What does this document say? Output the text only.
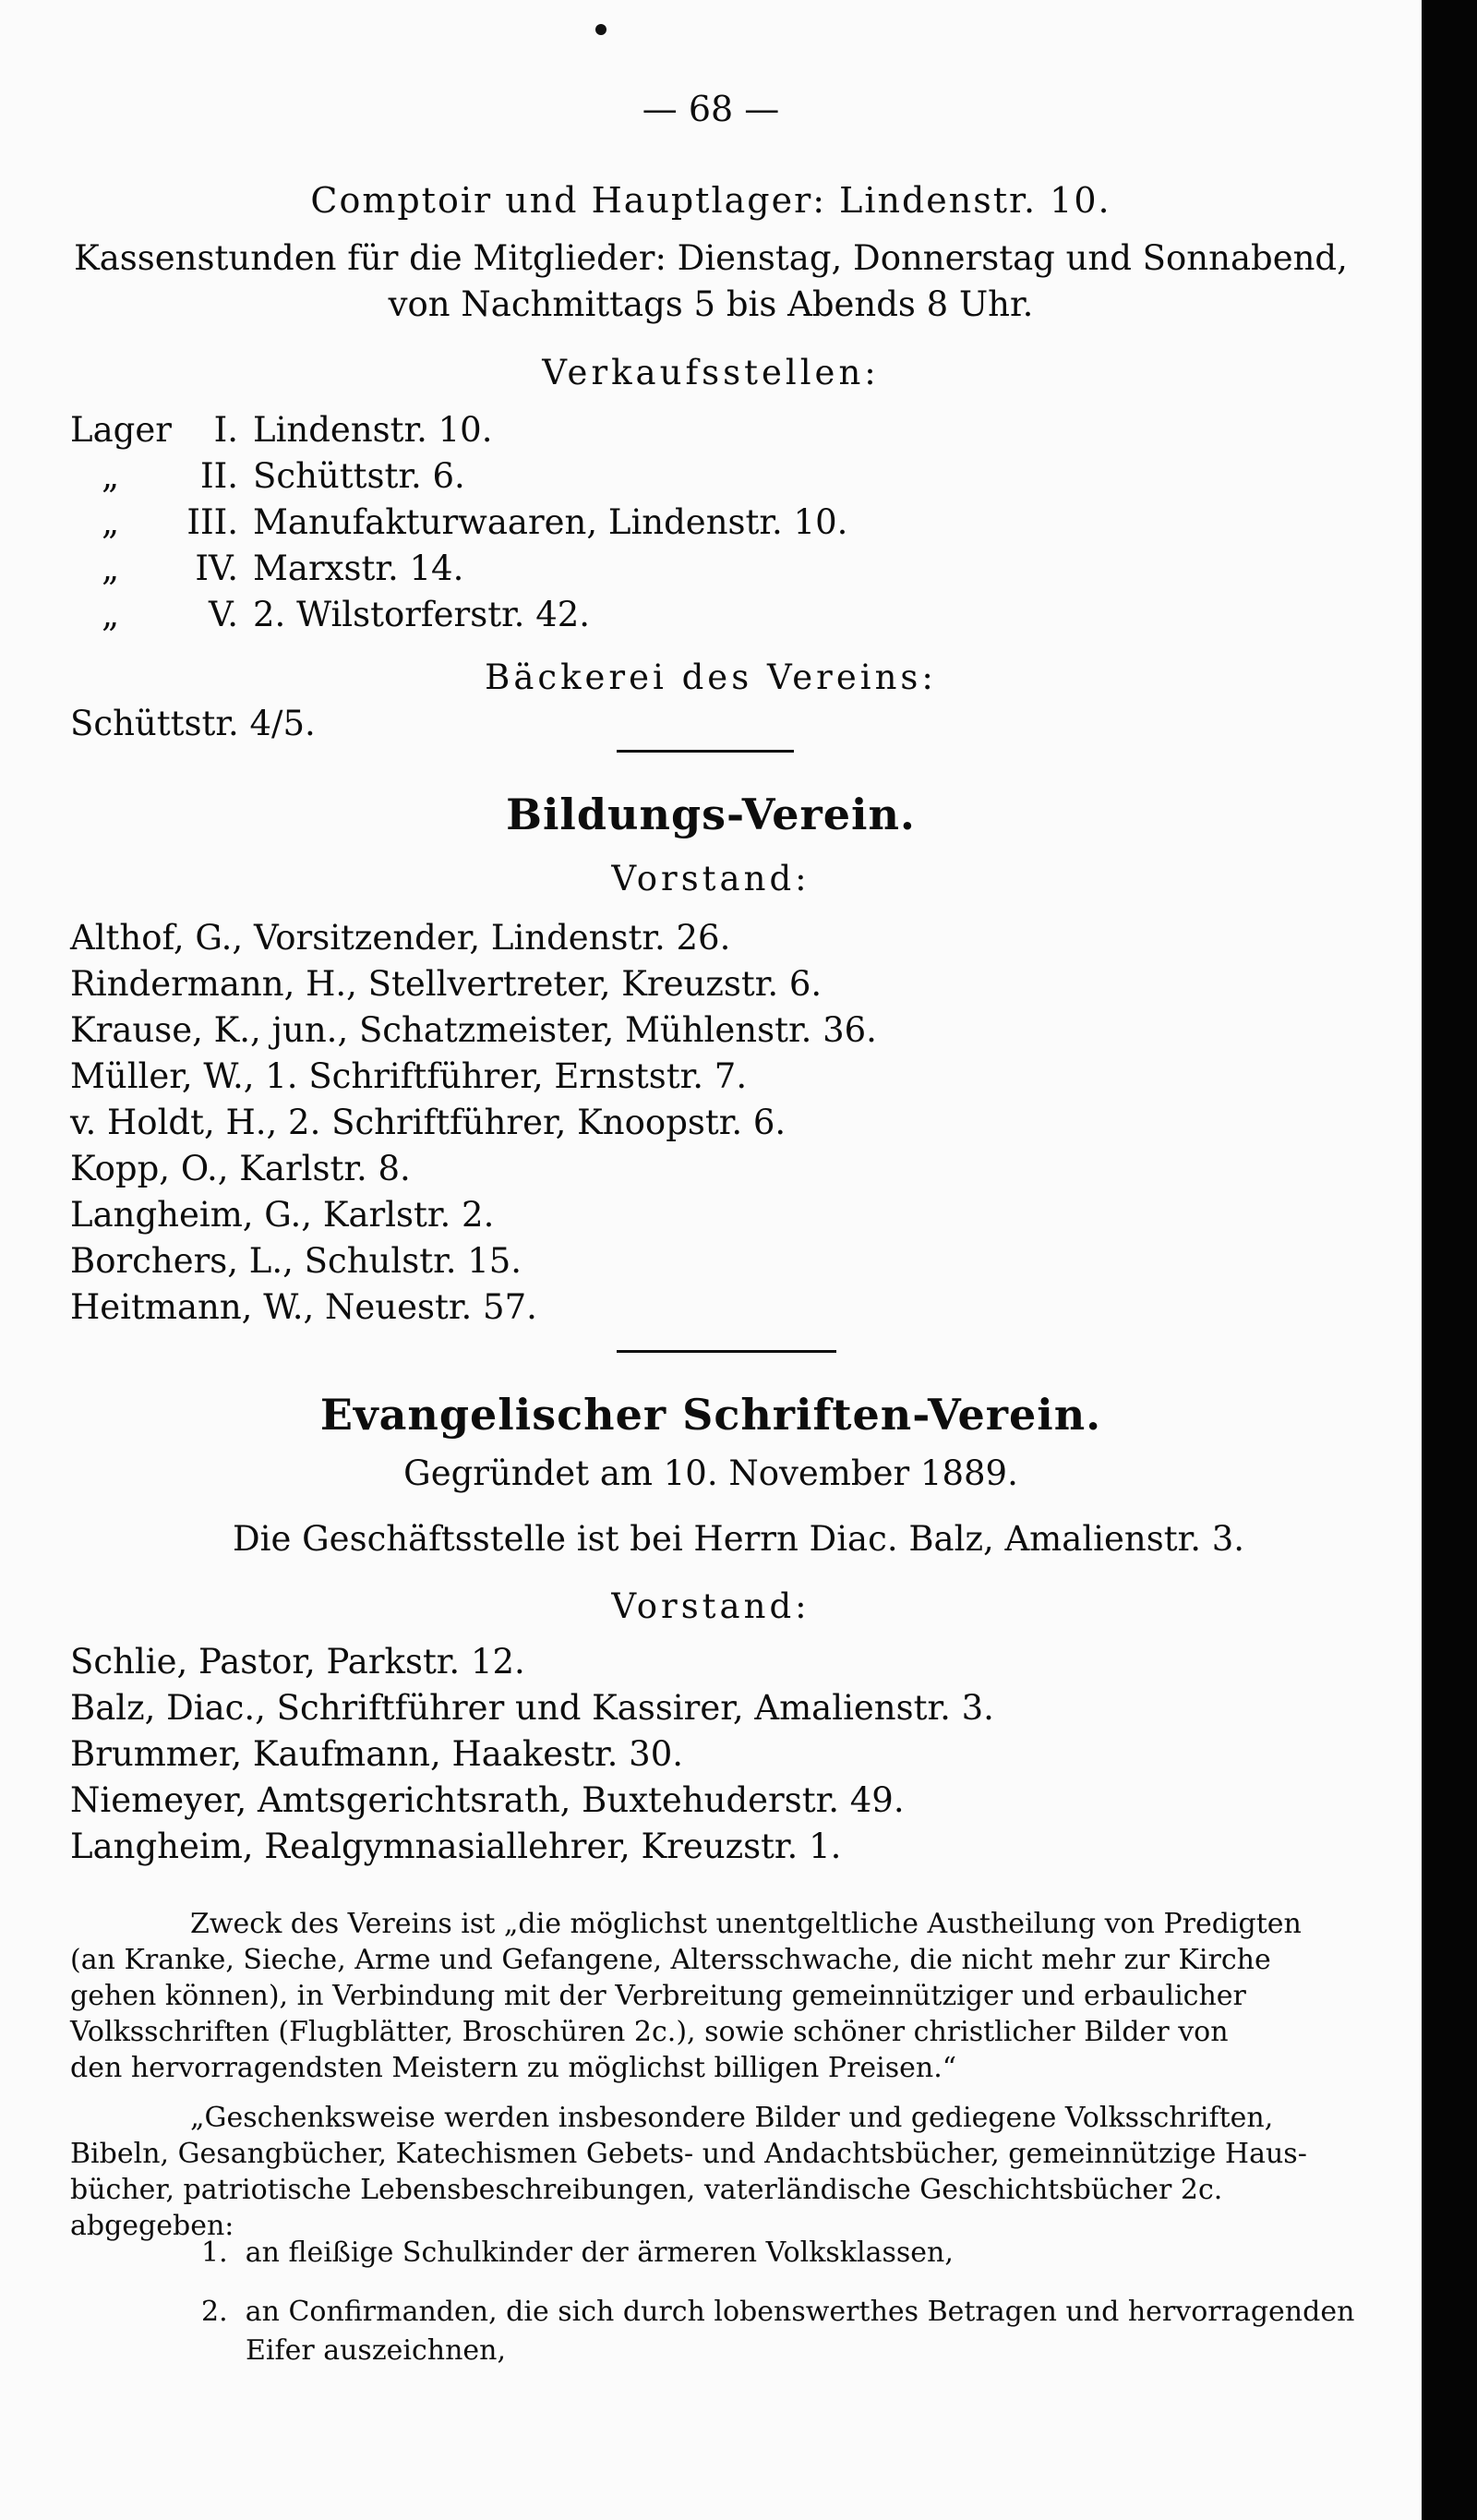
— 68 —
Comptoir und Hauptlager: Lindenstr. 10.
Kassenstunden für die Mitglieder: Dienstag, Donnerstag und Sonnabend,
von Nachmittags 5 bis Abends 8 Uhr.
Verkaufsstellen:
Lager I. Lindenstr. 10.
„ II. Schüttstr. 6.
„ III. Manufakturwaaren, Lindenstr. 10.
„ IV. Marxstr. 14.
„	V. 2. Wilstorferstr. 42.
Bäckerei des Vereins:
Schüttstr. 4/5.
Bildungs-Verein.
Vorstand:
Althof, G., Vorsitzender, Lindenstr. 26.
Rindermann, H., Stellvertreter, Kreuzstr. 6.
Krause, K., jun., Schatzmeister, Mühlenstr. 36.
Müller, W., 1. Schriftführer, Ernststr. 7.
v. Holdt, H., 2. Schriftführer, Knoopstr. 6.
Kopp, O., Karlstr. 8.
Langheim, G., Karlstr. 2.
Borchers, L., Schulstr. 15.
Heitmann, W., Neuestr. 57.
Evangelischer Schriften-Verein.
Gegründet am 10. November 1889.
Die Geschäftsstelle ist bei Herrn Diac. Balz, Amalienstr. 3.
Vorstand:
Schlie, Pastor, Parkstr. 12.
Balz, Diac., Schriftführer und Kassirer, Amalienstr. 3.
Brummer, Kaufmann, Haakestr. 30.
Niemeyer, Amtsgerichtsrath, Buxtehuderstr. 49.
Langheim, Realgymnasiallehrer, Kreuzstr. 1.
Zweck des Vereins ist „die möglichst unentgeltliche Austheilung von Predigten
(an Kranke, Sieche, Arme und Gefangene, Altersschwache, die nicht mehr zur Kirche
gehen können), in Verbindung mit der Verbreitung gemeinnütziger und erbaulicher
Volksschriften (Flugblätter, Broschüren 2c.), sowie schöner christlicher Bilder von
den hervorragendsten Meistern zu möglichst billigen Preisen.“
„Geschenksweise werden insbesondere Bilder und gediegene Volksschriften,
Bibeln, Gesangbücher, Katechismen Gebets- und Andachtsbücher, gemeinnützige Haus-
bücher, patriotische Lebensbeschreibungen, vaterländische Geschichtsbücher 2c. abgegeben:
1. an fleißige Schulkinder der ärmeren Volksklassen,
2. an Confirmanden, die sich durch lobenswerthes Betragen und hervorragenden
Eifer auszeichnen,
